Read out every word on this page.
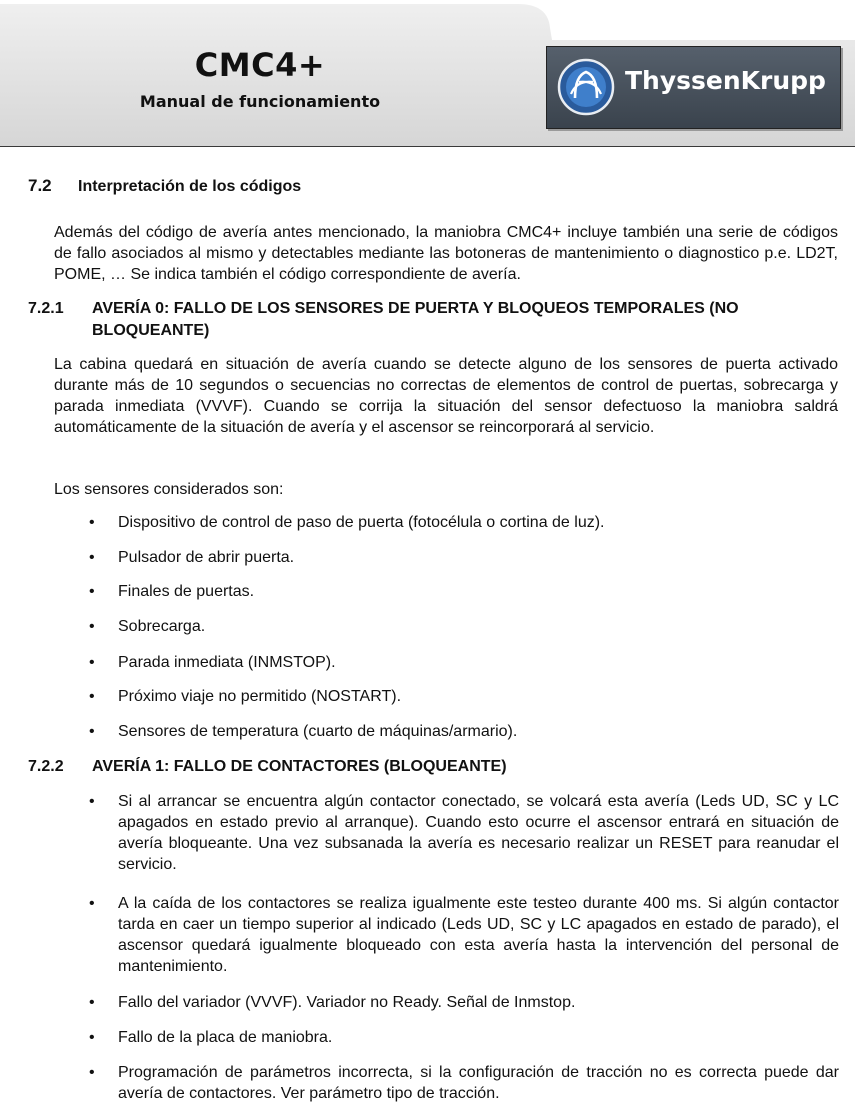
CMC4+
Manual de funcionamiento
ThyssenKrupp
7.2 Interpretación de los códigos
Además del código de avería antes mencionado, la maniobra CMC4+ incluye también una serie de códigos de fallo asociados al mismo y detectables mediante las botoneras de mantenimiento o diagnostico p.e. LD2T, POME, … Se indica también el código correspondiente de avería.
7.2.1 AVERÍA 0: FALLO DE LOS SENSORES DE PUERTA Y BLOQUEOS TEMPORALES (NO BLOQUEANTE)
La cabina quedará en situación de avería cuando se detecte alguno de los sensores de puerta activado durante más de 10 segundos o secuencias no correctas de elementos de control de puertas, sobrecarga y parada inmediata (VVVF). Cuando se corrija la situación del sensor defectuoso la maniobra saldrá automáticamente de la situación de avería y el ascensor se reincorporará al servicio.
Los sensores considerados son:
•	Dispositivo de control de paso de puerta (fotocélula o cortina de luz).
•	Pulsador de abrir puerta.
•	Finales de puertas.
•	Sobrecarga.
•	Parada inmediata (INMSTOP).
•	Próximo viaje no permitido (NOSTART).
•	Sensores de temperatura (cuarto de máquinas/armario).
7.2.2 AVERÍA 1: FALLO DE CONTACTORES (BLOQUEANTE)
•	Si al arrancar se encuentra algún contactor conectado, se volcará esta avería (Leds UD, SC y LC apagados en estado previo al arranque). Cuando esto ocurre el ascensor entrará en situación de avería bloqueante. Una vez subsanada la avería es necesario realizar un RESET para reanudar el servicio.
•	A la caída de los contactores se realiza igualmente este testeo durante 400 ms. Si algún contactor tarda en caer un tiempo superior al indicado (Leds UD, SC y LC apagados en estado de parado), el ascensor quedará igualmente bloqueado con esta avería hasta la intervención del personal de mantenimiento.
•	Fallo del variador (VVVF). Variador no Ready. Señal de Inmstop.
•	Fallo de la placa de maniobra.
•	Programación de parámetros incorrecta, si la configuración de tracción no es correcta puede dar avería de contactores. Ver parámetro tipo de tracción.
